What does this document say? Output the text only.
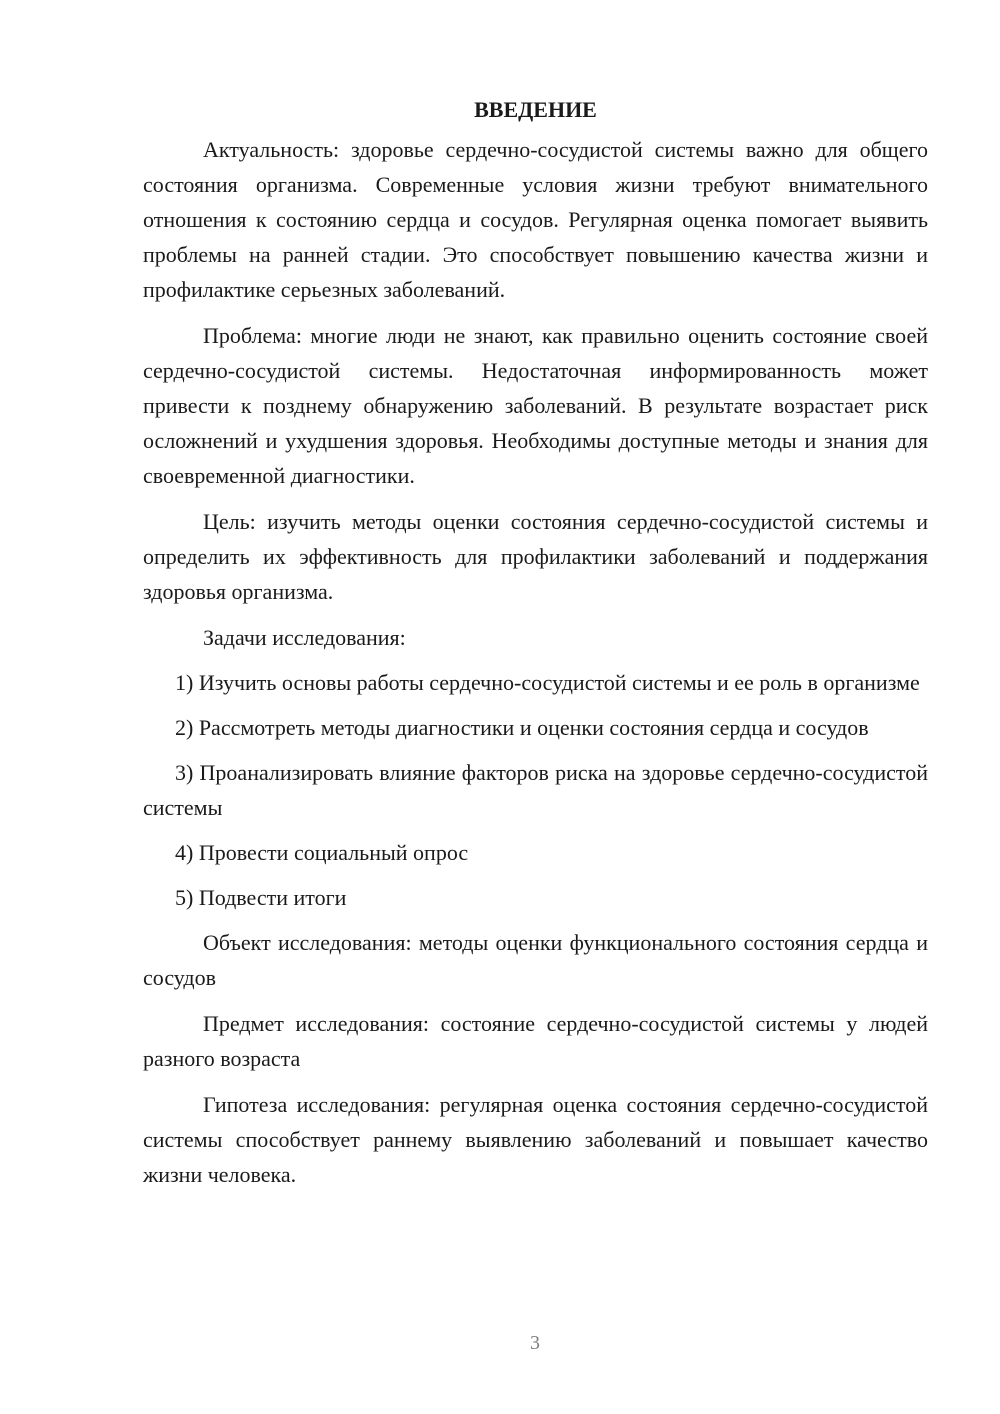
ВВЕДЕНИЕ

Актуальность: здоровье сердечно-сосудистой системы важно для общего состояния организма. Современные условия жизни требуют внимательного отношения к состоянию сердца и сосудов. Регулярная оценка помогает выявить проблемы на ранней стадии. Это способствует повышению качества жизни и профилактике серьезных заболеваний.

Проблема: многие люди не знают, как правильно оценить состояние своей сердечно-сосудистой системы. Недостаточная информированность может привести к позднему обнаружению заболеваний. В результате возрастает риск осложнений и ухудшения здоровья. Необходимы доступные методы и знания для своевременной диагностики.

Цель: изучить методы оценки состояния сердечно-сосудистой системы и определить их эффективность для профилактики заболеваний и поддержания здоровья организма.

Задачи исследования:

1) Изучить основы работы сердечно-сосудистой системы и ее роль в организме

2) Рассмотреть методы диагностики и оценки состояния сердца и сосудов

3) Проанализировать влияние факторов риска на здоровье сердечно-сосудистой системы

4) Провести социальный опрос

5) Подвести итоги

Объект исследования: методы оценки функционального состояния сердца и сосудов

Предмет исследования: состояние сердечно-сосудистой системы у людей разного возраста

Гипотеза исследования: регулярная оценка состояния сердечно-сосудистой системы способствует раннему выявлению заболеваний и повышает качество жизни человека.

3
